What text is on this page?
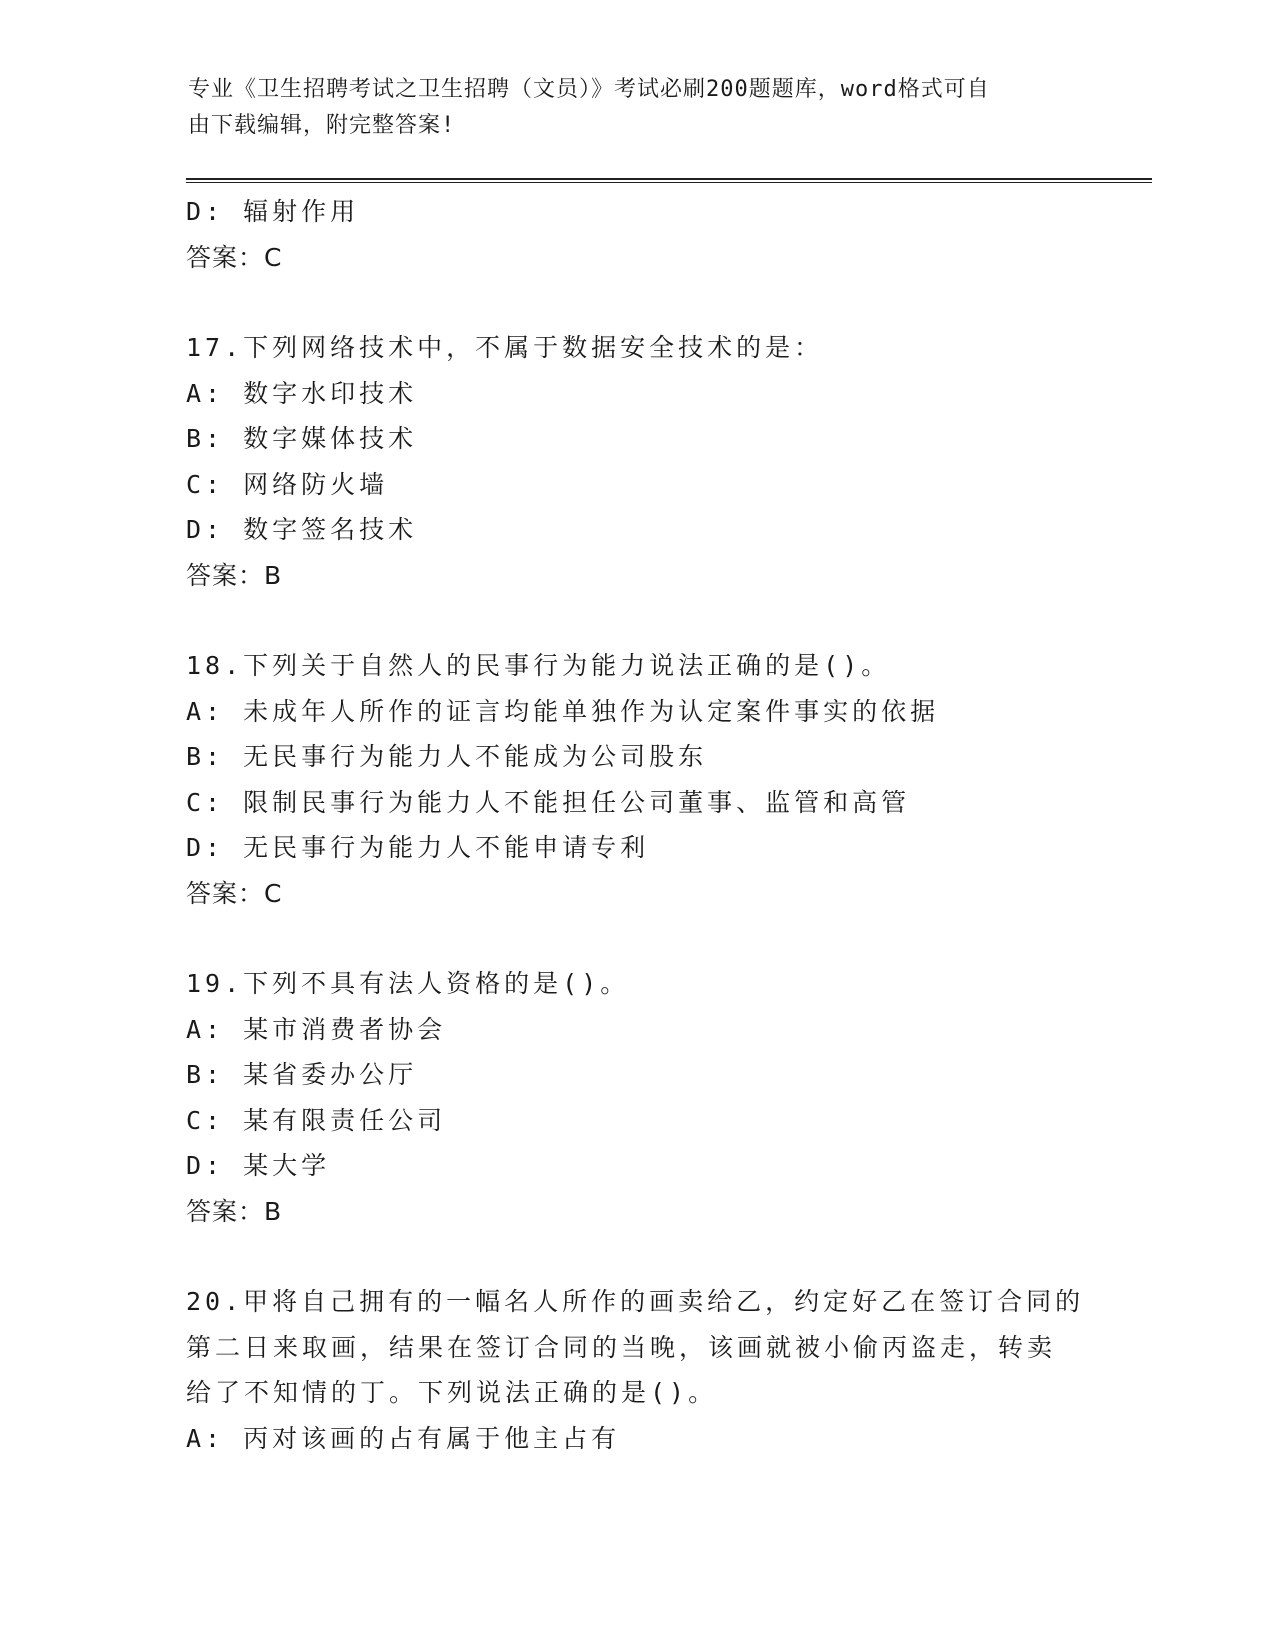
专业《卫生招聘考试之卫生招聘（文员）》考试必刷200题题库，word格式可自
由下载编辑，附完整答案!
D: 辐射作用
答案：C
17.下列网络技术中，不属于数据安全技术的是：
A: 数字水印技术
B: 数字媒体技术
C: 网络防火墙
D: 数字签名技术
答案：B
18.下列关于自然人的民事行为能力说法正确的是()。
A: 未成年人所作的证言均能单独作为认定案件事实的依据
B: 无民事行为能力人不能成为公司股东
C: 限制民事行为能力人不能担任公司董事、监管和高管
D: 无民事行为能力人不能申请专利
答案：C
19.下列不具有法人资格的是()。
A: 某市消费者协会
B: 某省委办公厅
C: 某有限责任公司
D: 某大学
答案：B
20.甲将自己拥有的一幅名人所作的画卖给乙，约定好乙在签订合同的
第二日来取画，结果在签订合同的当晚，该画就被小偷丙盗走，转卖
给了不知情的丁。下列说法正确的是()。
A: 丙对该画的占有属于他主占有
